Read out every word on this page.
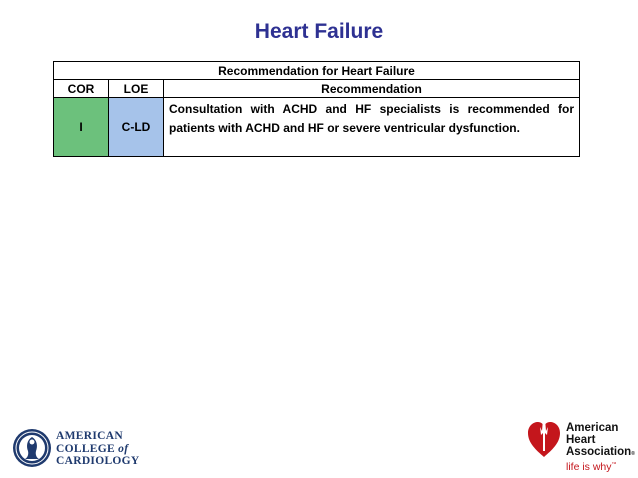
Heart Failure
Recommendation for Heart Failure		
COR	LOE	Recommendation
I	C-LD	Consultation with ACHD and HF specialists is recommended for patients with ACHD and HF or severe ventricular dysfunction.
AMERICAN
COLLEGE of
CARDIOLOGY
American
Heart
Association®
life is why™
